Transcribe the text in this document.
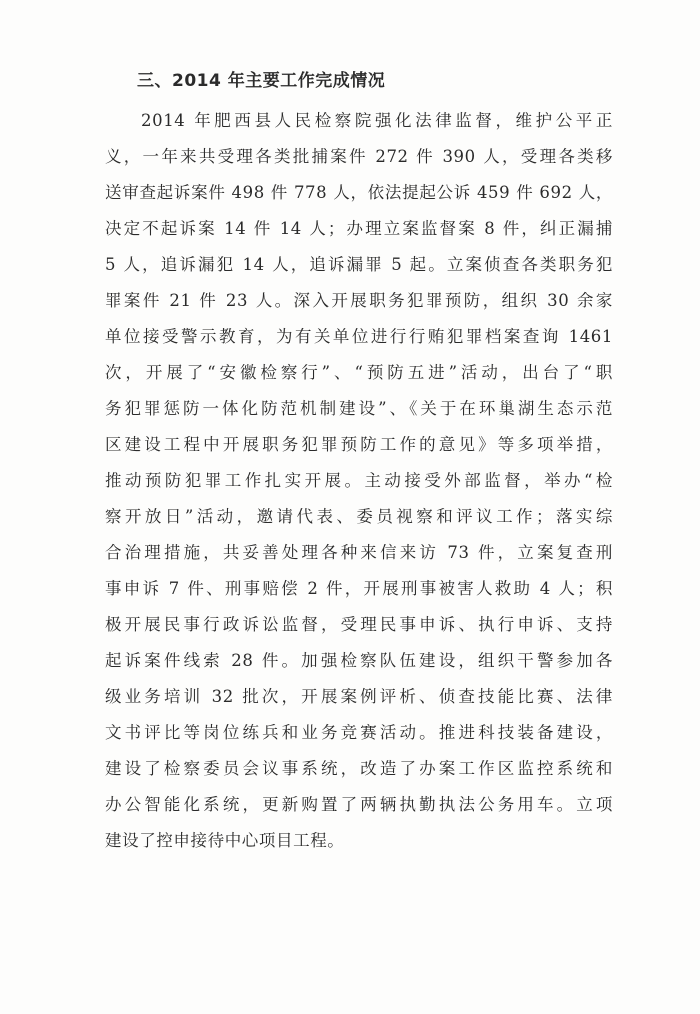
三、2014 年主要工作完成情况
2014 年肥西县人民检察院强化法律监督，维护公平正
义，一年来共受理各类批捕案件 272 件 390 人，受理各类移
送审查起诉案件 498 件 778 人，依法提起公诉 459 件 692 人，
决定不起诉案 14 件 14 人；办理立案监督案 8 件，纠正漏捕
5 人，追诉漏犯 14 人，追诉漏罪 5 起。立案侦查各类职务犯
罪案件 21 件 23 人。深入开展职务犯罪预防，组织 30 余家
单位接受警示教育，为有关单位进行行贿犯罪档案查询 1461
次，开展了“安徽检察行”、“预防五进”活动，出台了“职
务犯罪惩防一体化防范机制建设”、《关于在环巢湖生态示范
区建设工程中开展职务犯罪预防工作的意见》等多项举措，
推动预防犯罪工作扎实开展。主动接受外部监督，举办“检
察开放日”活动，邀请代表、委员视察和评议工作；落实综
合治理措施，共妥善处理各种来信来访 73 件，立案复查刑
事申诉 7 件、刑事赔偿 2 件，开展刑事被害人救助 4 人；积
极开展民事行政诉讼监督，受理民事申诉、执行申诉、支持
起诉案件线索 28 件。加强检察队伍建设，组织干警参加各
级业务培训 32 批次，开展案例评析、侦查技能比赛、法律
文书评比等岗位练兵和业务竞赛活动。推进科技装备建设，
建设了检察委员会议事系统，改造了办案工作区监控系统和
办公智能化系统，更新购置了两辆执勤执法公务用车。立项
建设了控申接待中心项目工程。
